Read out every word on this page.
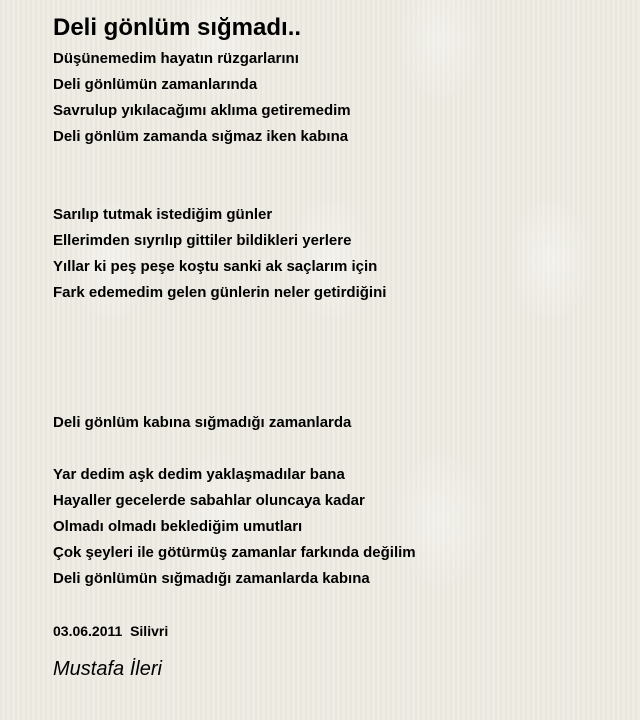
Deli gönlüm sığmadı..
Düşünemedim hayatın rüzgarlarını
Deli gönlümün zamanlarında
Savrulup yıkılacağımı aklıma getiremedim
Deli gönlüm zamanda sığmaz iken kabına
Sarılıp tutmak istediğim günler
Ellerimden sıyrılıp gittiler bildikleri yerlere
Yıllar ki peş peşe koştu sanki ak saçlarım için
Fark edemedim gelen günlerin neler getirdiğini
Deli gönlüm kabına sığmadığı zamanlarda
Yar dedim aşk dedim yaklaşmadılar bana
Hayaller gecelerde sabahlar oluncaya kadar
Olmadı olmadı beklediğim umutları
Çok şeyleri ile götürmüş zamanlar farkında değilim
Deli gönlümün sığmadığı zamanlarda kabına
03.06.2011  Silivri
Mustafa İleri
